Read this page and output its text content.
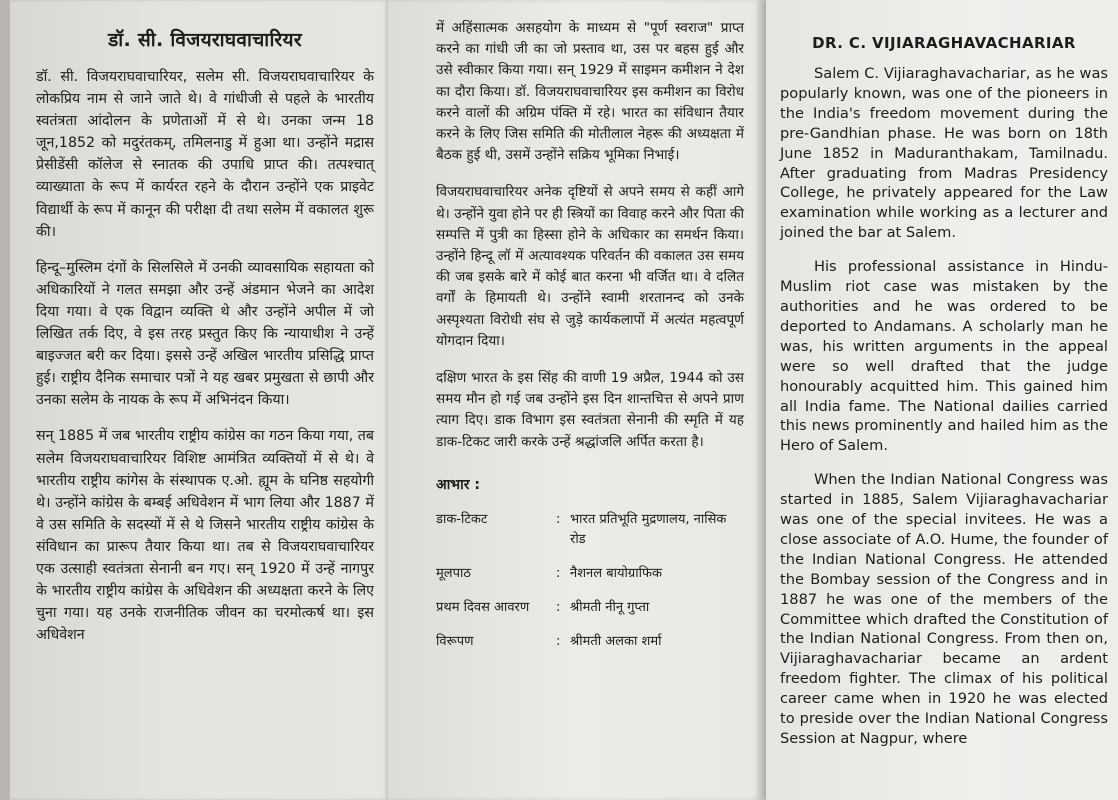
डॉ. सी. विजयराघवाचारियर

डॉ. सी. विजयराघवाचारियर, सलेम सी. विजयराघवाचारियर के लोकप्रिय नाम से जाने जाते थे। वे गांधीजी से पहले के भारतीय स्वतंत्रता आंदोलन के प्रणेताओं में से थे। उनका जन्म 18 जून,1852 को मदुरंतकम्, तमिलनाडु में हुआ था। उन्होंने मद्रास प्रेसीडेंसी कॉलेज से स्नातक की उपाधि प्राप्त की। तत्पश्चात् व्याख्याता के रूप में कार्यरत रहने के दौरान उन्होंने एक प्राइवेट विद्यार्थी के रूप में कानून की परीक्षा दी तथा सलेम में वकालत शुरू की।

हिन्दू–मुस्लिम दंगों के सिलसिले में उनकी व्यावसायिक सहायता को अधिकारियों ने गलत समझा और उन्हें अंडमान भेजने का आदेश दिया गया। वे एक विद्वान व्यक्ति थे और उन्होंने अपील में जो लिखित तर्क दिए, वे इस तरह प्रस्तुत किए कि न्यायाधीश ने उन्हें बाइज्जत बरी कर दिया। इससे उन्हें अखिल भारतीय प्रसिद्धि प्राप्त हुई। राष्ट्रीय दैनिक समाचार पत्रों ने यह खबर प्रमुखता से छापी और उनका सलेम के नायक के रूप में अभिनंदन किया।

सन् 1885 में जब भारतीय राष्ट्रीय कांग्रेस का गठन किया गया, तब सलेम विजयराघवाचारियर विशिष्ट आमंत्रित व्यक्तियों में से थे। वे भारतीय राष्ट्रीय कांगेस के संस्थापक ए.ओ. ह्यूम के घनिष्ठ सहयोगी थे। उन्होंने कांग्रेस के बम्बई अधिवेशन में भाग लिया और 1887 में वे उस समिति के सदस्यों में से थे जिसने भारतीय राष्ट्रीय कांग्रेस के संविधान का प्रारूप तैयार किया था। तब से विजयराघवाचारियर एक उत्साही स्वतंत्रता सेनानी बन गए। सन् 1920 में उन्हें नागपुर के भारतीय राष्ट्रीय कांग्रेस के अधिवेशन की अध्यक्षता करने के लिए चुना गया। यह उनके राजनीतिक जीवन का चरमोत्कर्ष था। इस अधिवेशन

में अहिंसात्मक असहयोग के माध्यम से "पूर्ण स्वराज" प्राप्त करने का गांधी जी का जो प्रस्ताव था, उस पर बहस हुई और उसे स्वीकार किया गया। सन् 1929 में साइमन कमीशन ने देश का दौरा किया। डॉ. विजयराघवाचारियर इस कमीशन का विरोध करने वालों की अग्रिम पंक्ति में रहे। भारत का संविधान तैयार करने के लिए जिस समिति की मोतीलाल नेहरू की अध्यक्षता में बैठक हुई थी, उसमें उन्होंने सक्रिय भूमिका निभाई।

विजयराघवाचारियर अनेक दृष्टियों से अपने समय से कहीं आगे थे। उन्होंने युवा होने पर ही स्त्रियों का विवाह करने और पिता की सम्पत्ति में पुत्री का हिस्सा होने के अधिकार का समर्थन किया। उन्होंने हिन्दू लॉ में अत्यावश्यक परिवर्तन की वकालत उस समय की जब इसके बारे में कोई बात करना भी वर्जित था। वे दलित वर्गों के हिमायती थे। उन्होंने स्वामी शरतानन्द को उनके अस्पृश्यता विरोधी संघ से जुड़े कार्यकलापों में अत्यंत महत्वपूर्ण योगदान दिया।

दक्षिण भारत के इस सिंह की वाणी 19 अप्रैल, 1944 को उस समय मौन हो गई जब उन्होंने इस दिन शान्तचित्त से अपने प्राण त्याग दिए। डाक विभाग इस स्वतंत्रता सेनानी की स्मृति में यह डाक-टिकट जारी करके उन्हें श्रद्धांजलि अर्पित करता है।

आभार :
डाक-टिकट	: भारत प्रतिभूति मुद्रणालय, नासिक रोड
मूलपाठ	: नैशनल बायोग्राफिक
प्रथम दिवस आवरण	: श्रीमती नीनू गुप्ता
विरूपण	: श्रीमती अलका शर्मा
DR. C. VIJIARAGHAVACHARIAR

Salem C. Vijiaraghavachariar, as he was popularly known, was one of the pioneers in the India's freedom movement during the pre-Gandhian phase. He was born on 18th June 1852 in Maduranthakam, Tamilnadu. After graduating from Madras Presidency College, he privately appeared for the Law examination while working as a lecturer and joined the bar at Salem.

His professional assistance in Hindu-Muslim riot case was mistaken by the authorities and he was ordered to be deported to Andamans. A scholarly man he was, his written arguments in the appeal were so well drafted that the judge honourably acquitted him. This gained him all India fame. The National dailies carried this news prominently and hailed him as the Hero of Salem.

When the Indian National Congress was started in 1885, Salem Vijiaraghavachariar was one of the special invitees. He was a close associate of A.O. Hume, the founder of the Indian National Congress. He attended the Bombay session of the Congress and in 1887 he was one of the members of the Committee which drafted the Constitution of the Indian National Congress. From then on, Vijiaraghavachariar became an ardent freedom fighter. The climax of his political career came when in 1920 he was elected to preside over the Indian National Congress Session at Nagpur, where
